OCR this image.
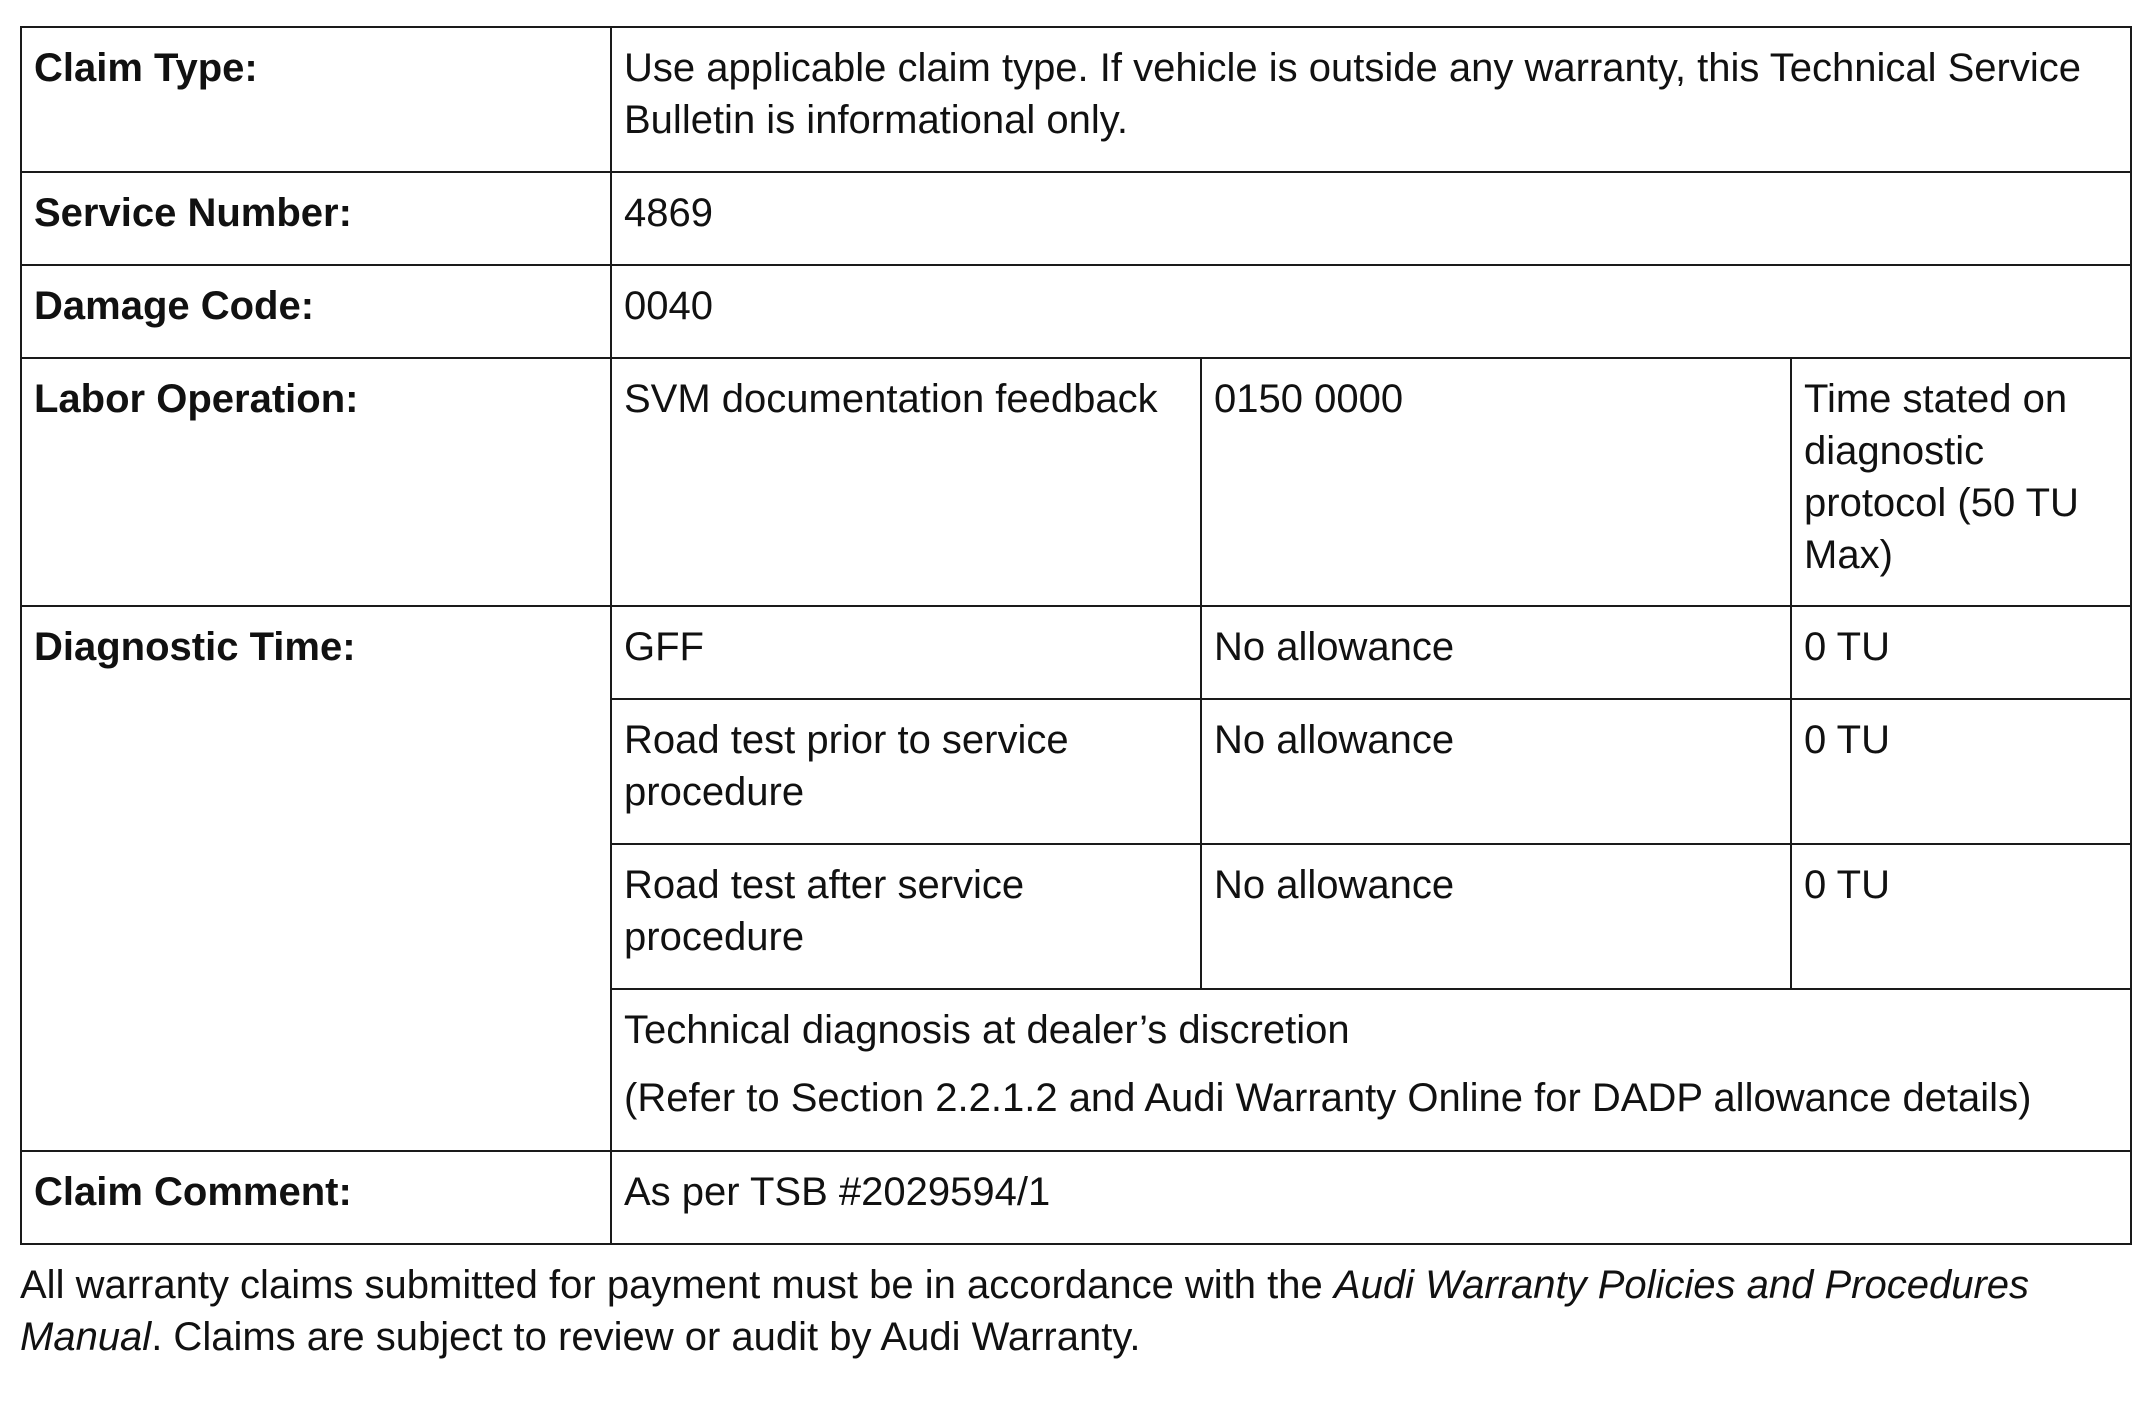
Claim Type:	Use applicable claim type. If vehicle is outside any warranty, this Technical Service Bulletin is informational only.		
Service Number:	4869		
Damage Code:	0040		
Labor Operation:	SVM documentation feedback	0150 0000	Time stated on diagnostic protocol (50 TU Max)
Diagnostic Time:	GFF	No allowance	0 TU
	Road test prior to service procedure	No allowance	0 TU
	Road test after service procedure	No allowance	0 TU

	Technical diagnosis at dealer’s discretion
(Refer to Section 2.2.1.2 and Audi Warranty Online for DADP allowance details)		

Claim Comment:	As per TSB #2029594/1		

All warranty claims submitted for payment must be in accordance with the Audi Warranty Policies and Procedures Manual. Claims are subject to review or audit by Audi Warranty.
